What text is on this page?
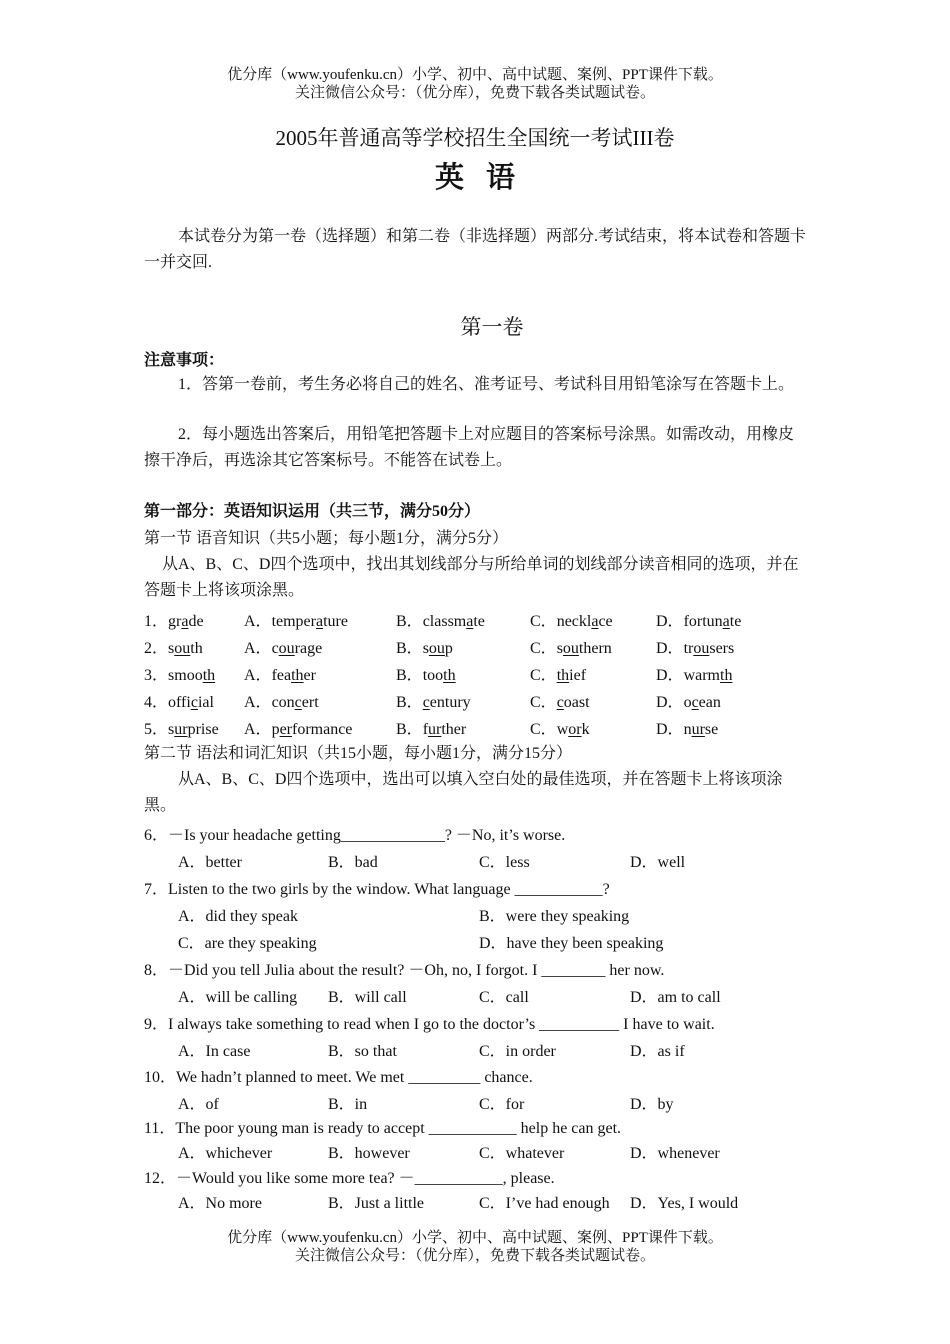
优分库（www.youfenku.cn）小学、初中、高中试题、案例、PPT课件下载。
关注微信公众号：（优分库），免费下载各类试题试卷。
2005年普通高等学校招生全国统一考试III卷
英语
本试卷分为第一卷（选择题）和第二卷（非选择题）两部分.考试结束，将本试卷和答题卡一并交回.
第一卷
注意事项：
1．答第一卷前，考生务必将自己的姓名、准考证号、考试科目用铅笔涂写在答题卡上。
2．每小题选出答案后，用铅笔把答题卡上对应题目的答案标号涂黑。如需改动，用橡皮擦干净后，再选涂其它答案标号。不能答在试卷上。
第一部分：英语知识运用（共三节，满分50分）
第一节 语音知识（共5小题；每小题1分，满分5分）
从A、B、C、D四个选项中，找出其划线部分与所给单词的划线部分读音相同的选项，并在答题卡上将该项涂黑。
1．grade	A．temperature	B．classmate	C．necklace	D．fortunate
2．south	A．courage	B．soup	C．southern	D．trousers
3．smooth A．feather	B．tooth	C．thief	D．warmth
4．official A．concert	B．century	C．coast	D．ocean
5．surprise A．performance	B．further	C．work	D．nurse
第二节 语法和词汇知识（共15小题，每小题1分，满分15分）
从A、B、C、D四个选项中，选出可以填入空白处的最佳选项，并在答题卡上将该项涂黑。
6．－Is your headache getting_____________? －No, it’s worse.
A．better	B．bad	C．less	D．well
7．Listen to the two girls by the window. What language ___________?
A．did they speak	B．were they speaking
C．are they speaking	D．have they been speaking
8．－Did you tell Julia about the result? －Oh, no, I forgot. I ________ her now.
A．will be calling B．will call	C．call	D．am to call
9．I always take something to read when I go to the doctor’s __________ I have to wait.
A．In case	B．so that	C．in order	D．as if
10．We hadn’t planned to meet. We met _________ chance.
A．of	B．in	C．for	D．by
11．The poor young man is ready to accept ___________ help he can get.
A．whichever	B．however	C．whatever	D．whenever
12．－Would you like some more tea? －___________, please.
A．No more	B．Just a little	C．I’ve had enough D．Yes, I would
优分库（www.youfenku.cn）小学、初中、高中试题、案例、PPT课件下载。
关注微信公众号：（优分库），免费下载各类试题试卷。
